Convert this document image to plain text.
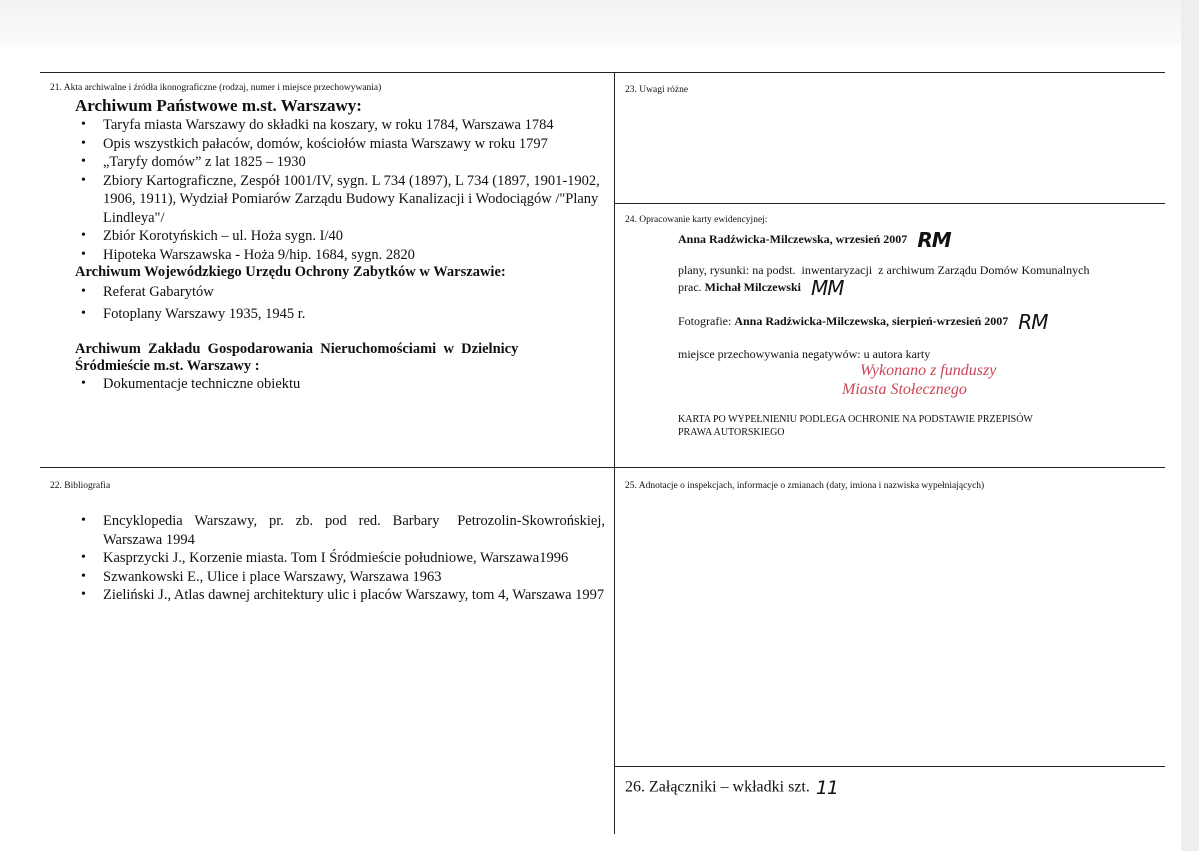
21. Akta archiwalne i źródła ikonograficzne (rodzaj, numer i miejsce przechowywania)
Archiwum Państwowe m.st. Warszawy:
• Taryfa miasta Warszawy do składki na koszary, w roku 1784, Warszawa 1784
• Opis wszystkich pałaców, domów, kościołów miasta Warszawy w roku 1797
• „Taryfy domów” z lat 1825 – 1930
• Zbiory Kartograficzne, Zespół 1001/IV, sygn. L 734 (1897), L 734 (1897, 1901-1902, 1906, 1911), Wydział Pomiarów Zarządu Budowy Kanalizacji i Wodociągów /"Plany Lindleya"/
• Zbiór Korotyńskich – ul. Hoża sygn. I/40
• Hipoteka Warszawska - Hoża 9/hip. 1684, sygn. 2820
Archiwum Wojewódzkiego Urzędu Ochrony Zabytków w Warszawie:
• Referat Gabarytów
• Fotoplany Warszawy 1935, 1945 r.
Archiwum  Zakładu  Gospodarowania  Nieruchomościami  w  Dzielnicy
Śródmieście m.st. Warszawy :
• Dokumentacje techniczne obiektu
22. Bibliografia
• Encyklopedia  Warszawy,  pr.  zb.  pod  red.  Barbary   Petrozolin-Skowrońskiej, Warszawa 1994
• Kasprzycki J., Korzenie miasta. Tom I Śródmieście południowe, Warszawa1996
• Szwankowski E., Ulice i place Warszawy, Warszawa 1963
• Zieliński J., Atlas dawnej architektury ulic i placów Warszawy, tom 4, Warszawa 1997
23. Uwagi różne
24. Opracowanie karty ewidencyjnej:
Anna Radźwicka-Milczewska, wrzesień 2007 RM
plany, rysunki: na podst.  inwentaryzacji  z archiwum Zarządu Domów Komunalnych
prac. Michał Milczewski MM
Fotografie: Anna Radźwicka-Milczewska, sierpień-wrzesień 2007 RM
miejsce przechowywania negatywów: u autora karty
Wykonano z funduszy
Miasta Stołecznego
KARTA PO WYPEŁNIENIU PODLEGA OCHRONIE NA PODSTAWIE PRZEPISÓW
PRAWA AUTORSKIEGO
25. Adnotacje o inspekcjach, informacje o zmianach (daty, imiona i nazwiska wypełniających)
26. Załączniki – wkładki szt. 11
